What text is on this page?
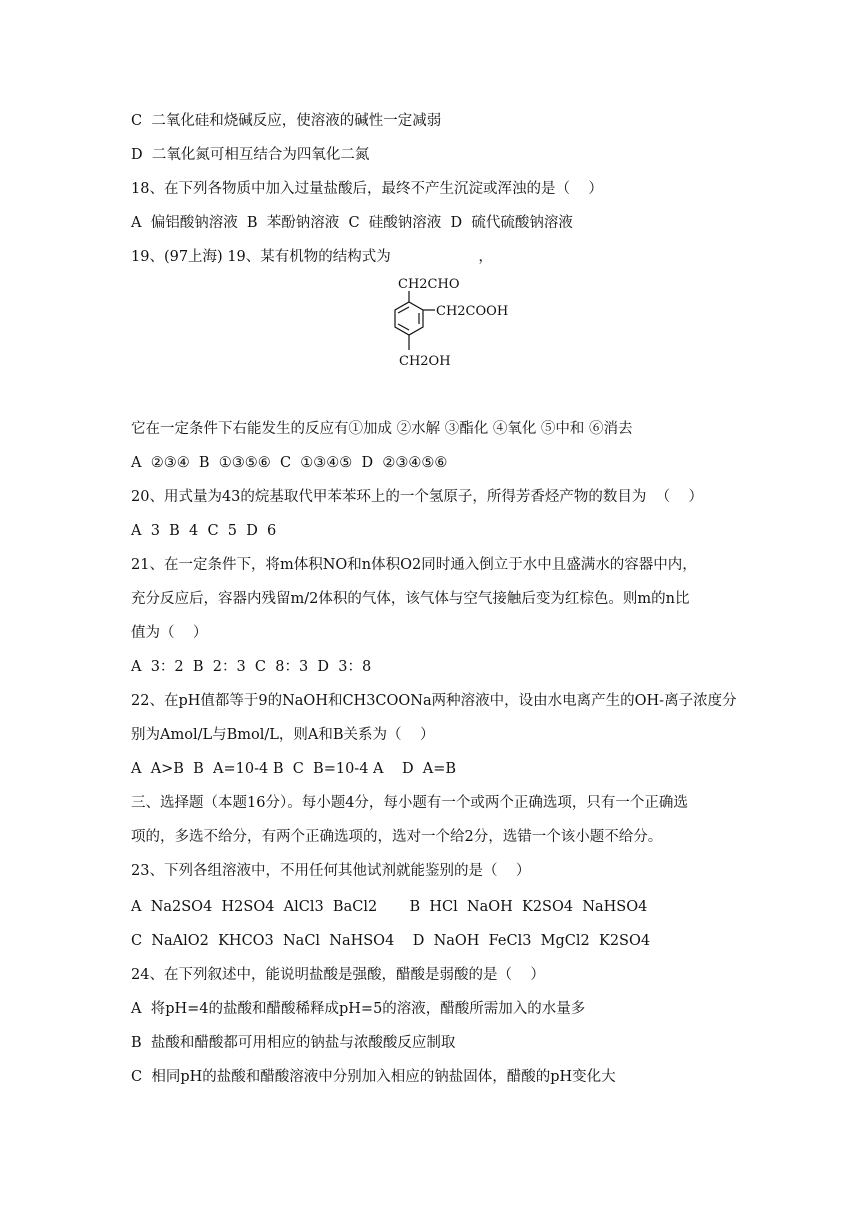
C  二氧化硅和烧碱反应，使溶液的碱性一定减弱
D  二氧化氮可相互结合为四氧化二氮
18、在下列各物质中加入过量盐酸后，最终不产生沉淀或浑浊的是（    ）
A  偏铝酸钠溶液  B  苯酚钠溶液  C  硅酸钠溶液  D  硫代硫酸钠溶液
19、(97上海) 19、某有机物的结构式为                   ，
CH2CHO
CH2COOH
CH2OH
它在一定条件下右能发生的反应有①加成 ②水解 ③酯化 ④氧化 ⑤中和 ⑥消去
A  ②③④  B  ①③⑤⑥  C  ①③④⑤  D  ②③④⑤⑥
20、用式量为43的烷基取代甲苯苯环上的一个氢原子，所得芳香烃产物的数目为  （    ）
A  3  B  4  C  5  D  6
21、在一定条件下，将m体积NO和n体积O2同时通入倒立于水中且盛满水的容器中内，
充分反应后，容器内残留m/2体积的气体，该气体与空气接触后变为红棕色。则m的n比
值为（    ）
A  3：2  B  2：3  C  8：3  D  3：8
22、在pH值都等于9的NaOH和CH3COONa两种溶液中，设由水电离产生的OH-离子浓度分
别为Amol/L与Bmol/L，则A和B关系为（    ）
A  A>B  B  A=10-4 B  C  B=10-4 A    D  A=B
三、选择题（本题16分）。每小题4分，每小题有一个或两个正确选项，只有一个正确选
项的，多选不给分，有两个正确选项的，选对一个给2分，选错一个该小题不给分。
23、下列各组溶液中，不用任何其他试剂就能鉴别的是（    ）
A  Na2SO4  H2SO4  AlCl3  BaCl2       B  HCl  NaOH  K2SO4  NaHSO4
C  NaAlO2  KHCO3  NaCl  NaHSO4    D  NaOH  FeCl3  MgCl2  K2SO4
24、在下列叙述中，能说明盐酸是强酸，醋酸是弱酸的是（    ）
A  将pH=4的盐酸和醋酸稀释成pH=5的溶液，醋酸所需加入的水量多
B  盐酸和醋酸都可用相应的钠盐与浓酸酸反应制取
C  相同pH的盐酸和醋酸溶液中分别加入相应的钠盐固体，醋酸的pH变化大
